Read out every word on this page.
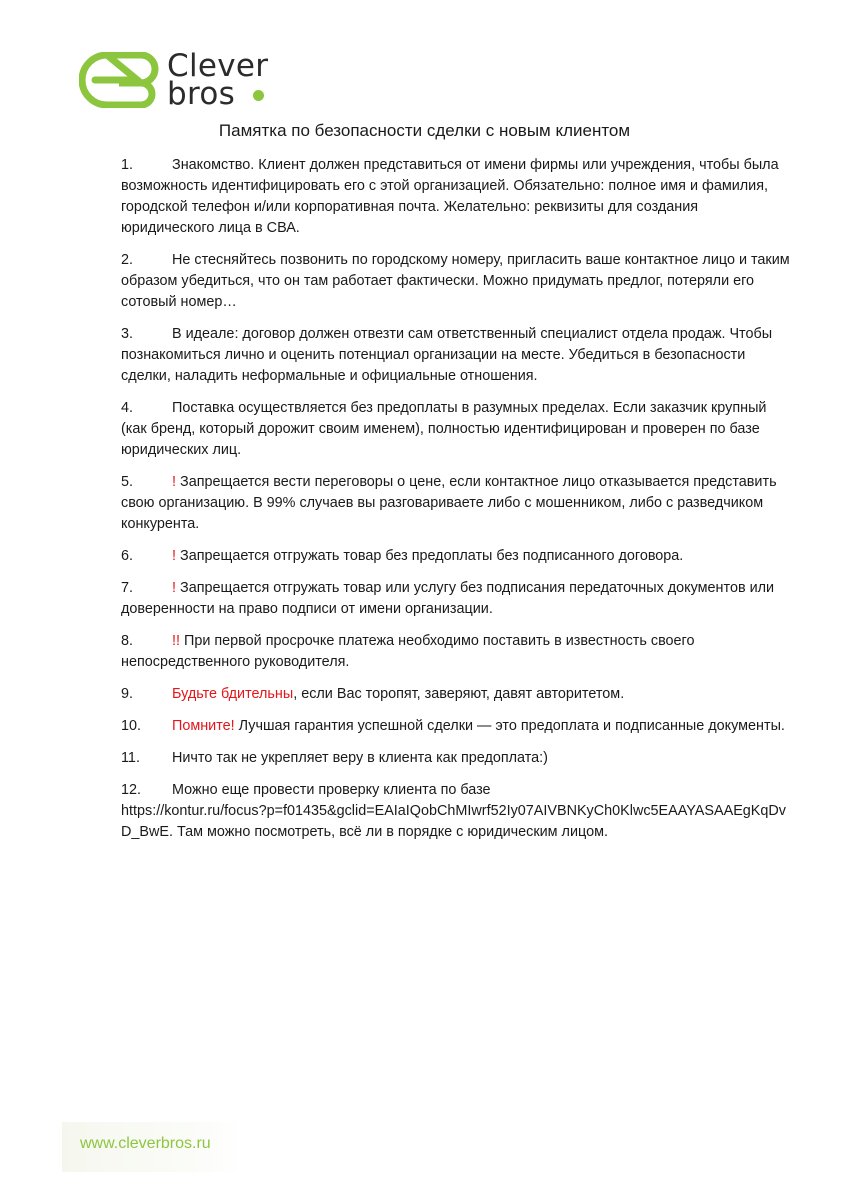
Clever
bros
Памятка по безопасности сделки с новым клиентом
1.	Знакомство. Клиент должен представиться от имени фирмы или учреждения, чтобы была возможность идентифицировать его с этой организацией. Обязательно: полное имя и фамилия, городской телефон и/или корпоративная почта. Желательно: реквизиты для создания юридического лица в СВА.
2.	Не стесняйтесь позвонить по городскому номеру, пригласить ваше контактное лицо и таким образом убедиться, что он там работает фактически. Можно придумать предлог, потеряли его сотовый номер…
3.	В идеале: договор должен отвезти сам ответственный специалист отдела продаж. Чтобы познакомиться лично и оценить потенциал организации на месте. Убедиться в безопасности сделки, наладить неформальные и официальные отношения.
4.	Поставка осуществляется без предоплаты в разумных пределах. Если заказчик крупный (как бренд, который дорожит своим именем), полностью идентифицирован и проверен по базе юридических лиц.
5.	! Запрещается вести переговоры о цене, если контактное лицо отказывается представить свою организацию. В 99% случаев вы разговариваете либо с мошенником, либо с разведчиком конкурента.
6.	! Запрещается отгружать товар без предоплаты без подписанного договора.
7.	! Запрещается отгружать товар или услугу без подписания передаточных документов или доверенности на право подписи от имени организации.
8.	!! При первой просрочке платежа необходимо поставить в известность своего непосредственного руководителя.
9.	Будьте бдительны, если Вас торопят, заверяют, давят авторитетом.
10. Помните! Лучшая гарантия успешной сделки — это предоплата и подписанные документы.
11. Ничто так не укрепляет веру в клиента как предоплата:)
12. Можно еще провести проверку клиента по базе
https://kontur.ru/focus?p=f01435&gclid=EAIaIQobChMIwrf52Iy07AIVBNKyCh0Klwc5EAAYASAAEgKqDvD_BwE. Там можно посмотреть, всё ли в порядке с юридическим лицом.
www.cleverbros.ru
